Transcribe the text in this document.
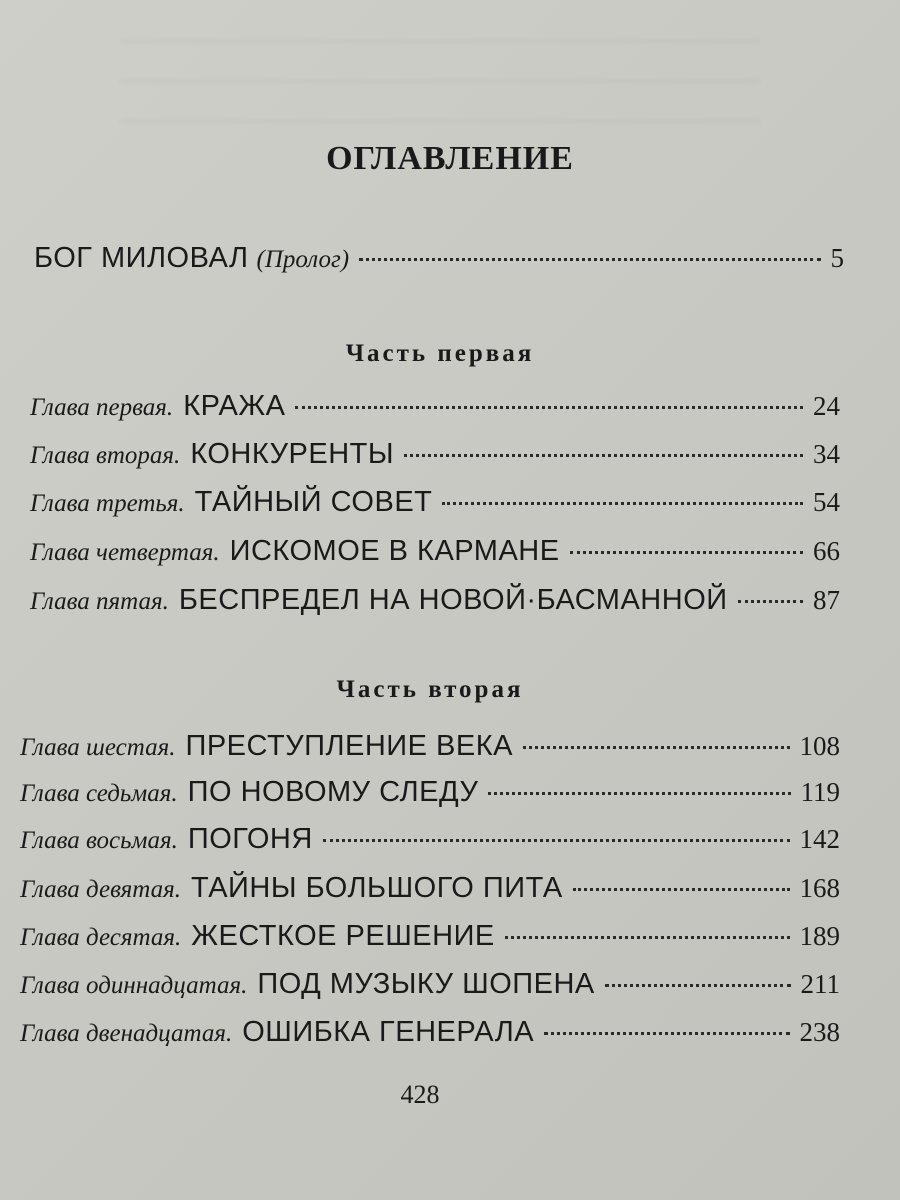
ОГЛАВЛЕНИЕ
БОГ МИЛОВАЛ (Пролог)	5
Часть первая
Глава первая. КРАЖА	24
Глава вторая. КОНКУРЕНТЫ	34
Глава третья. ТАЙНЫЙ СОВЕТ	54
Глава четвертая. ИСКОМОЕ В КАРМАНЕ	66
Глава пятая. БЕСПРЕДЕЛ НА НОВОЙ·БАСМАННОЙ	87
Часть вторая
Глава шестая. ПРЕСТУПЛЕНИЕ ВЕКА	108
Глава седьмая. ПО НОВОМУ СЛЕДУ	119
Глава восьмая. ПОГОНЯ	142
Глава девятая. ТАЙНЫ БОЛЬШОГО ПИТА	168
Глава десятая. ЖЕСТКОЕ РЕШЕНИЕ	189
Глава одиннадцатая. ПОД МУЗЫКУ ШОПЕНА	211
Глава двенадцатая. ОШИБКА ГЕНЕРАЛА	238
428
